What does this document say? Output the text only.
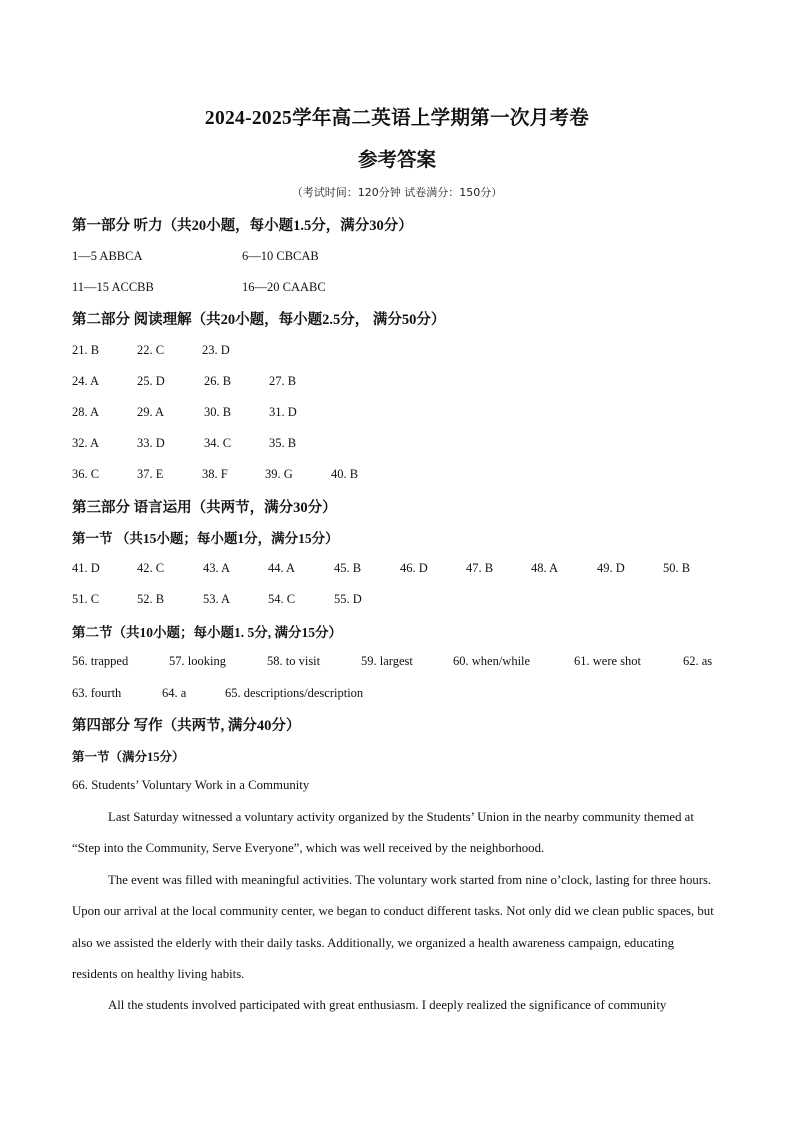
2024-2025学年高二英语上学期第一次月考卷
参考答案
（考试时间：120分钟 试卷满分：150分）
第一部分 听力（共20小题，每小题1.5分，满分30分）
1—5 ABBCA	6—10 CBCAB
11—15 ACCBB	16—20 CAABC
第二部分 阅读理解（共20小题，每小题2.5分， 满分50分）
21. B	22. C	23. D
24. A	25. D	26. B	27. B
28. A	29. A	30. B	31. D
32. A	33. D	34. C	35. B
36. C	37. E	38. F	39. G	40. B
第三部分 语言运用（共两节，满分30分）
第一节 （共15小题；每小题1分，满分15分）
41. D	42. C	43. A	44. A	45. B	46. D	47. B	48. A	49. D	50. B
51. C	52. B	53. A	54. C	55. D
第二节（共10小题；每小题1. 5分, 满分15分）
56. trapped	57. looking	58. to visit	59. largest	60. when/while	61. were shot	62. as
63. fourth	64. a	65. descriptions/description
第四部分 写作（共两节, 满分40分）
第一节（满分15分）
66. Students’ Voluntary Work in a Community
Last Saturday witnessed a voluntary activity organized by the Students’ Union in the nearby community themed at “Step into the Community, Serve Everyone”, which was well received by the neighborhood.
The event was filled with meaningful activities. The voluntary work started from nine o’clock, lasting for three hours. Upon our arrival at the local community center, we began to conduct different tasks. Not only did we clean public spaces, but also we assisted the elderly with their daily tasks. Additionally, we organized a health awareness campaign, educating residents on healthy living habits.
All the students involved participated with great enthusiasm. I deeply realized the significance of community
